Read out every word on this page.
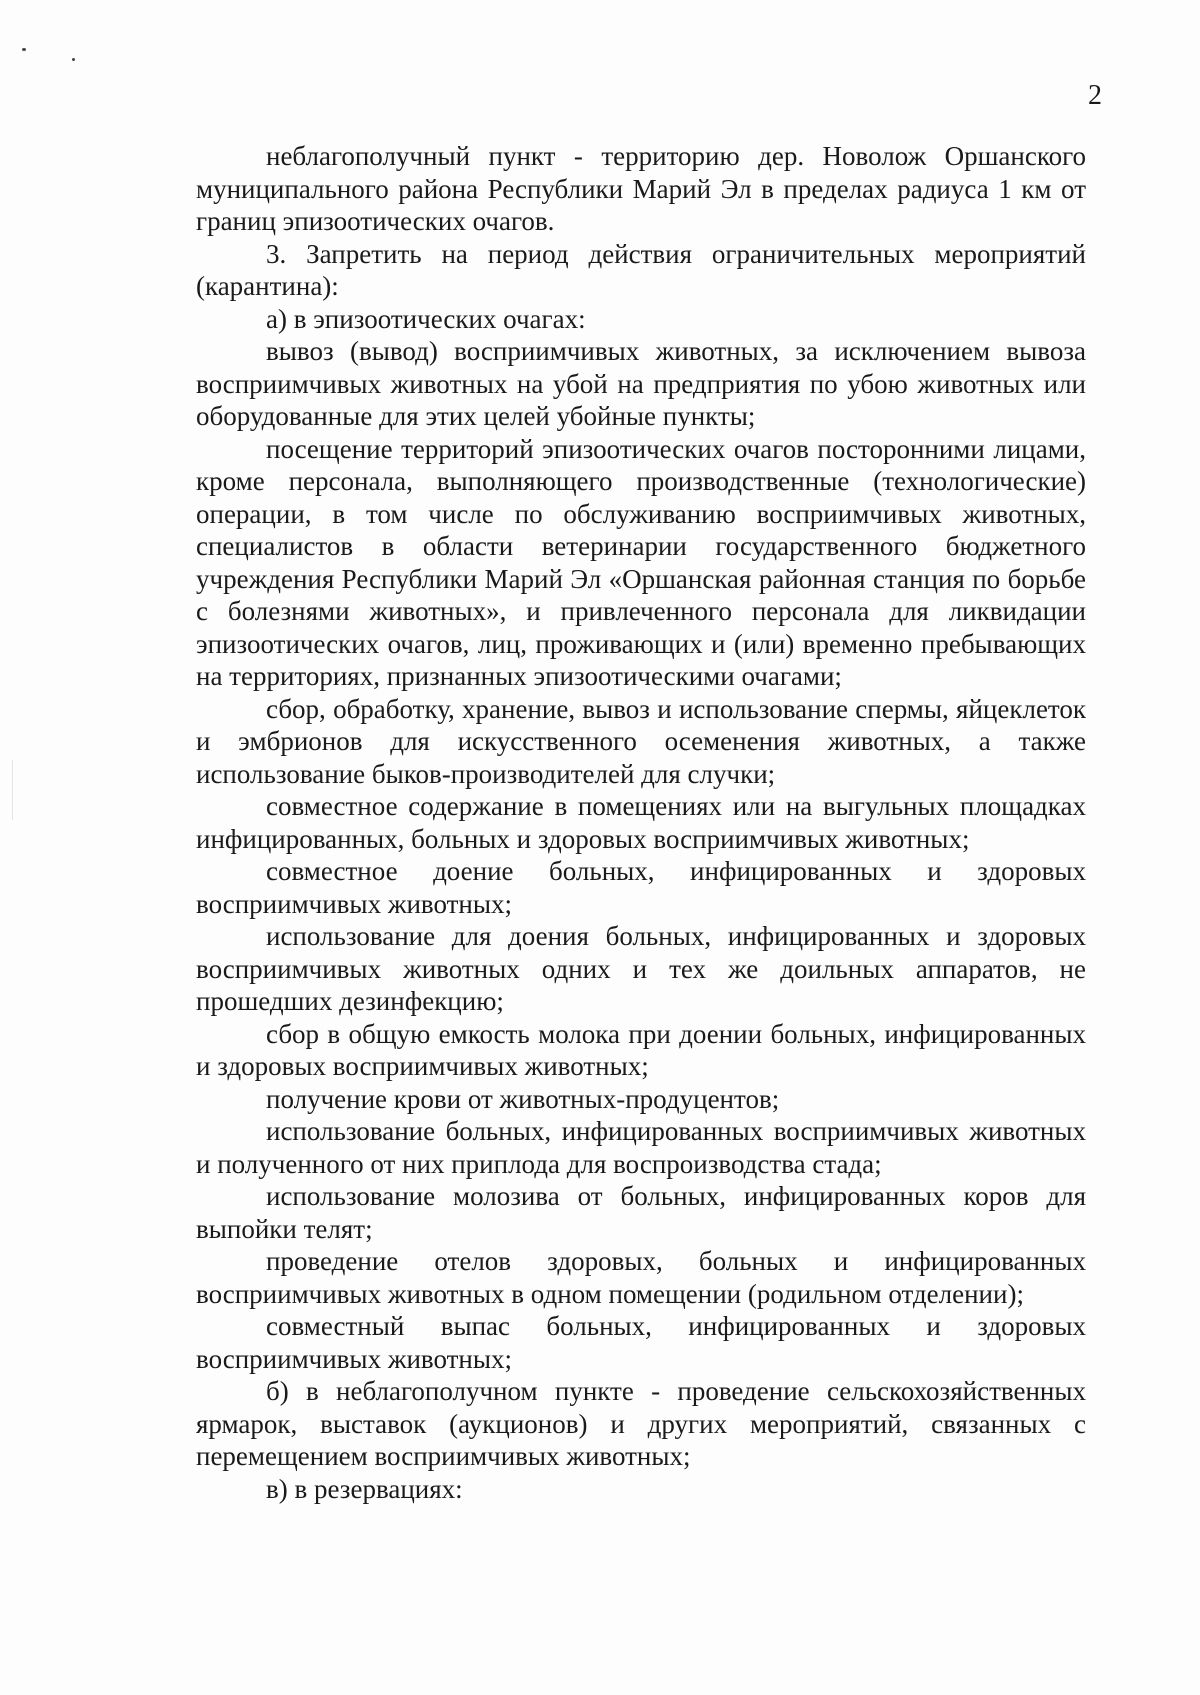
2

неблагополучный пункт - территорию дер. Новолож Оршанского муниципального района Республики Марий Эл в пределах радиуса 1 км от границ эпизоотических очагов.

3. Запретить на период действия ограничительных мероприятий (карантина):

а) в эпизоотических очагах:

вывоз (вывод) восприимчивых животных, за исключением вывоза восприимчивых животных на убой на предприятия по убою животных или оборудованные для этих целей убойные пункты;

посещение территорий эпизоотических очагов посторонними лицами, кроме персонала, выполняющего производственные (технологические) операции, в том числе по обслуживанию восприимчивых животных, специалистов в области ветеринарии государственного бюджетного учреждения Республики Марий Эл «Оршанская районная станция по борьбе с болезнями животных», и привлеченного персонала для ликвидации эпизоотических очагов, лиц, проживающих и (или) временно пребывающих на территориях, признанных эпизоотическими очагами;

сбор, обработку, хранение, вывоз и использование спермы, яйцеклеток и эмбрионов для искусственного осеменения животных, а также использование быков-производителей для случки;

совместное содержание в помещениях или на выгульных площадках инфицированных, больных и здоровых восприимчивых животных;

совместное доение больных, инфицированных и здоровых восприимчивых животных;

использование для доения больных, инфицированных и здоровых восприимчивых животных одних и тех же доильных аппаратов, не прошедших дезинфекцию;

сбор в общую емкость молока при доении больных, инфицированных и здоровых восприимчивых животных;

получение крови от животных-продуцентов;

использование больных, инфицированных восприимчивых животных и полученного от них приплода для воспроизводства стада;

использование молозива от больных, инфицированных коров для выпойки телят;

проведение отелов здоровых, больных и инфицированных восприимчивых животных в одном помещении (родильном отделении);

совместный выпас больных, инфицированных и здоровых восприимчивых животных;

б) в неблагополучном пункте - проведение сельскохозяйственных ярмарок, выставок (аукционов) и других мероприятий, связанных с перемещением восприимчивых животных;

в) в резервациях:
